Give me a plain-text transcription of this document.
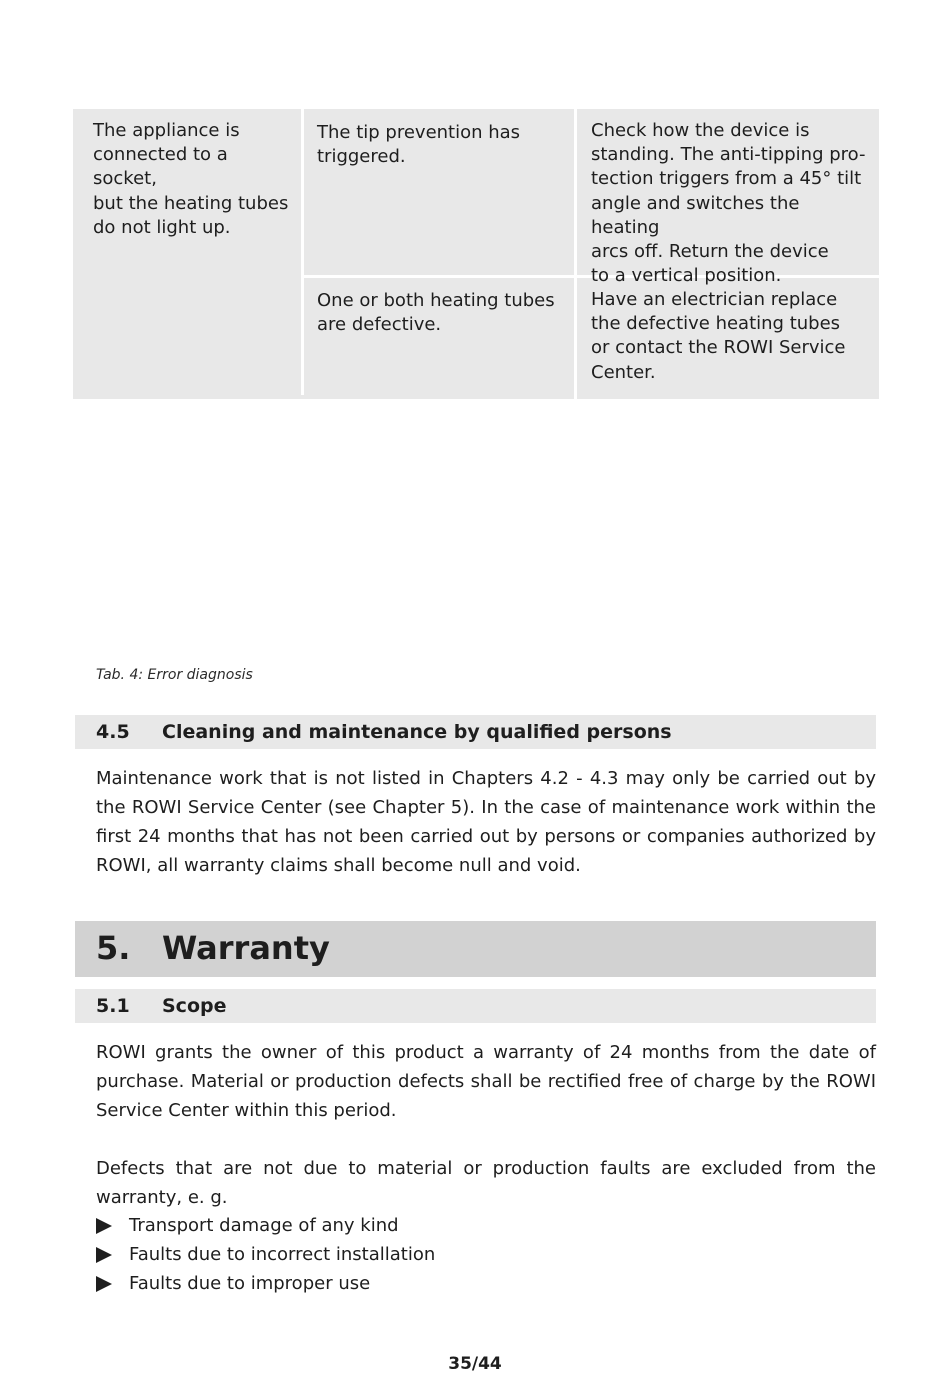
The appliance is
connected to a socket,
but the heating tubes
do not light up.
The tip prevention has
triggered.
Check how the device is
standing. The anti-tipping pro-
tection triggers from a 45° tilt
angle and switches the heating
arcs off. Return the device
to a vertical position.
One or both heating tubes
are defective.
Have an electrician replace
the defective heating tubes
or contact the ROWI Service
Center.
Tab. 4: Error diagnosis
4.5 Cleaning and maintenance by qualified persons
Maintenance work that is not listed in Chapters 4.2 - 4.3 may only be carried out by the ROWI Service Center (see Chapter 5). In the case of maintenance work within the first 24 months that has not been carried out by persons or companies authorized by ROWI, all warranty claims shall become null and void.
5. Warranty
5.1 Scope
ROWI grants the owner of this product a warranty of 24 months from the date of purchase. Material or production defects shall be rectified free of charge by the ROWI Service Center within this period.
Defects that are not due to material or production faults are excluded from the warranty, e. g.
Transport damage of any kind
Faults due to incorrect installation
Faults due to improper use
35/44
